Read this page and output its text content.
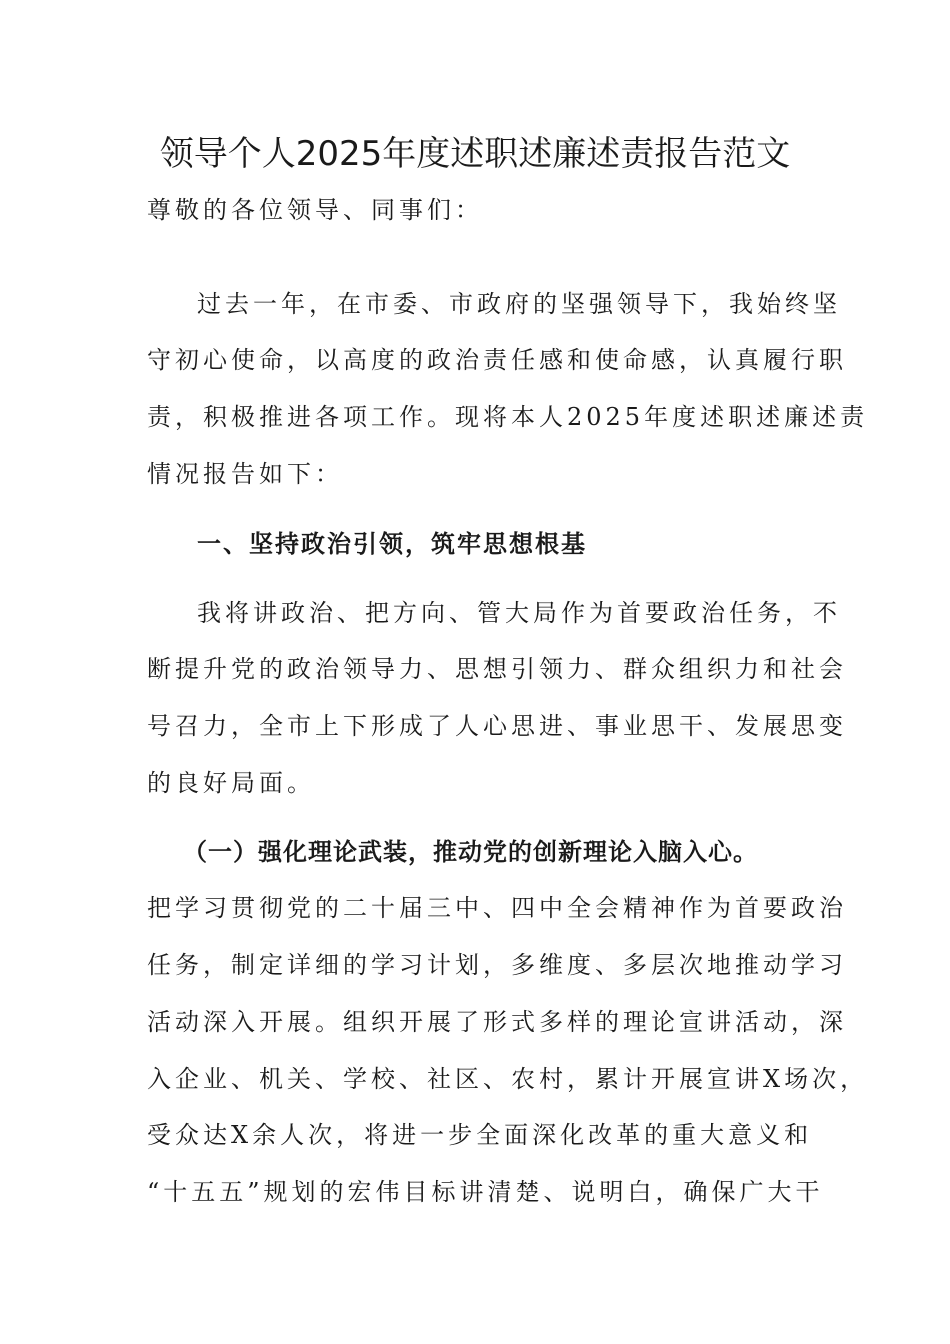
领导个人2025年度述职述廉述责报告范文
尊敬的各位领导、同事们：
过去一年，在市委、市政府的坚强领导下，我始终坚
守初心使命，以高度的政治责任感和使命感，认真履行职
责，积极推进各项工作。现将本人2025年度述职述廉述责
情况报告如下：
一、坚持政治引领，筑牢思想根基
我将讲政治、把方向、管大局作为首要政治任务，不
断提升党的政治领导力、思想引领力、群众组织力和社会
号召力，全市上下形成了人心思进、事业思干、发展思变
的良好局面。
（一）强化理论武装，推动党的创新理论入脑入心。
把学习贯彻党的二十届三中、四中全会精神作为首要政治
任务，制定详细的学习计划，多维度、多层次地推动学习
活动深入开展。组织开展了形式多样的理论宣讲活动，深
入企业、机关、学校、社区、农村，累计开展宣讲X场次，
受众达X余人次，将进一步全面深化改革的重大意义和
“十五五”规划的宏伟目标讲清楚、说明白，确保广大干
